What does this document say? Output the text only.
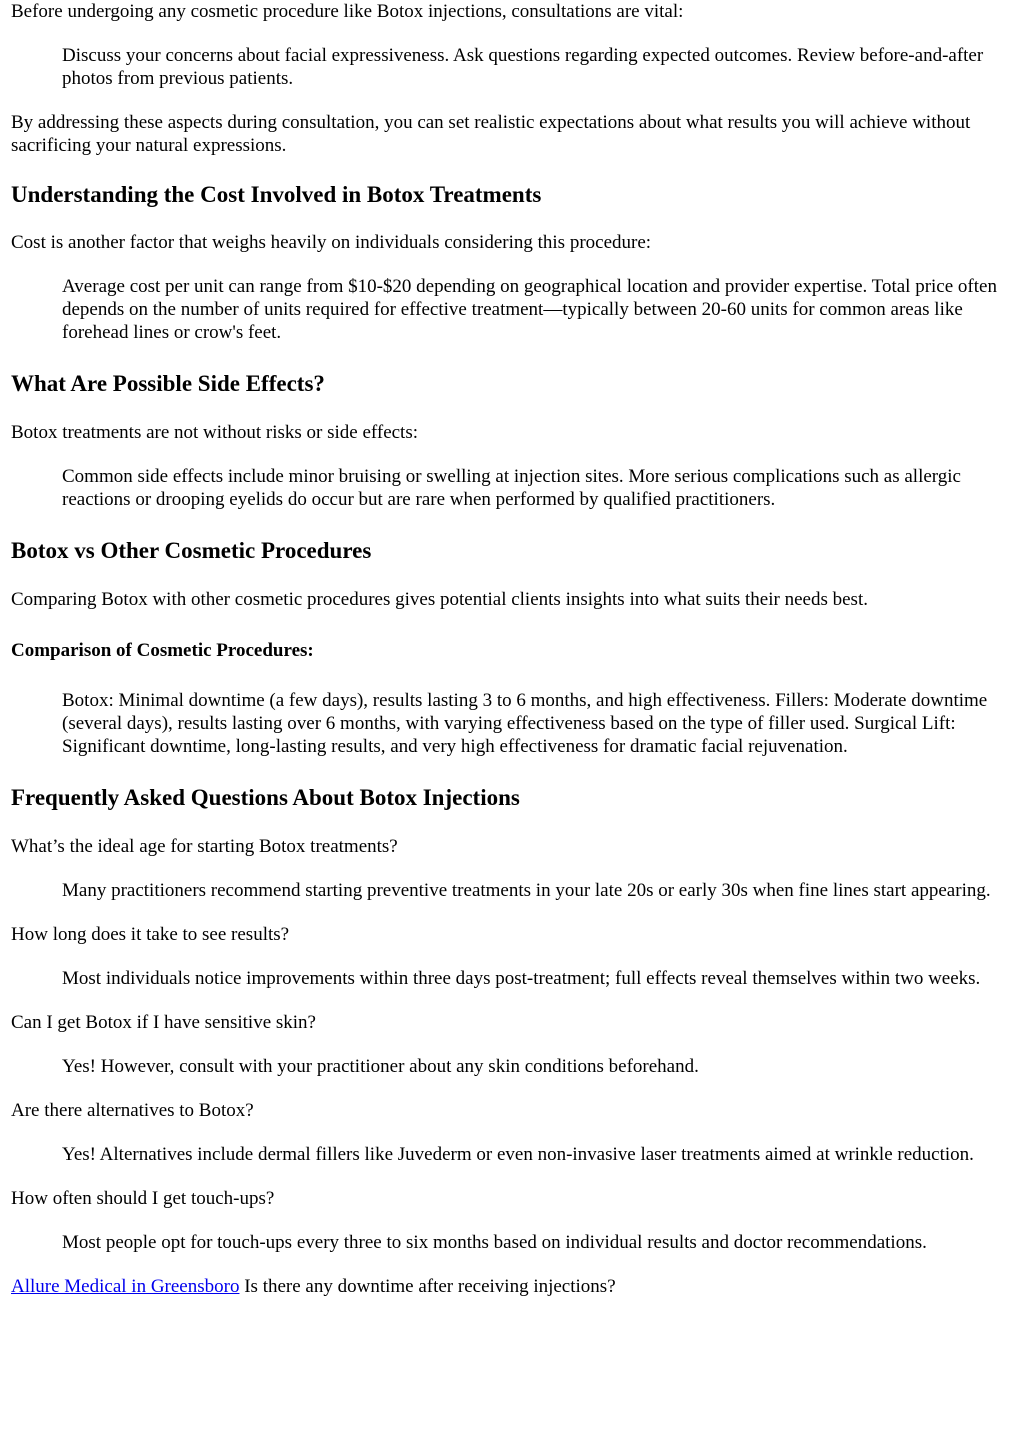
Before undergoing any cosmetic procedure like Botox injections, consultations are vital:

Discuss your concerns about facial expressiveness. Ask questions regarding expected outcomes. Review before-and-after photos from previous patients.

By addressing these aspects during consultation, you can set realistic expectations about what results you will achieve without sacrificing your natural expressions.

Understanding the Cost Involved in Botox Treatments

Cost is another factor that weighs heavily on individuals considering this procedure:

Average cost per unit can range from $10-$20 depending on geographical location and provider expertise. Total price often depends on the number of units required for effective treatment—typically between 20-60 units for common areas like forehead lines or crow's feet.
What Are Possible Side Effects?

Botox treatments are not without risks or side effects:

Common side effects include minor bruising or swelling at injection sites. More serious complications such as allergic reactions or drooping eyelids do occur but are rare when performed by qualified practitioners.
Botox vs Other Cosmetic Procedures

Comparing Botox with other cosmetic procedures gives potential clients insights into what suits their needs best.

Comparison of Cosmetic Procedures:
Botox: Minimal downtime (a few days), results lasting 3 to 6 months, and high effectiveness. Fillers: Moderate downtime (several days), results lasting over 6 months, with varying effectiveness based on the type of filler used. Surgical Lift: Significant downtime, long-lasting results, and very high effectiveness for dramatic facial rejuvenation.
Frequently Asked Questions About Botox Injections

What’s the ideal age for starting Botox treatments?

Many practitioners recommend starting preventive treatments in your late 20s or early 30s when fine lines start appearing.

How long does it take to see results?

Most individuals notice improvements within three days post-treatment; full effects reveal themselves within two weeks.

Can I get Botox if I have sensitive skin?

Yes! However, consult with your practitioner about any skin conditions beforehand.

Are there alternatives to Botox?

Yes! Alternatives include dermal fillers like Juvederm or even non-invasive laser treatments aimed at wrinkle reduction.

How often should I get touch-ups?

Most people opt for touch-ups every three to six months based on individual results and doctor recommendations.

Allure Medical in Greensboro Is there any downtime after receiving injections?
